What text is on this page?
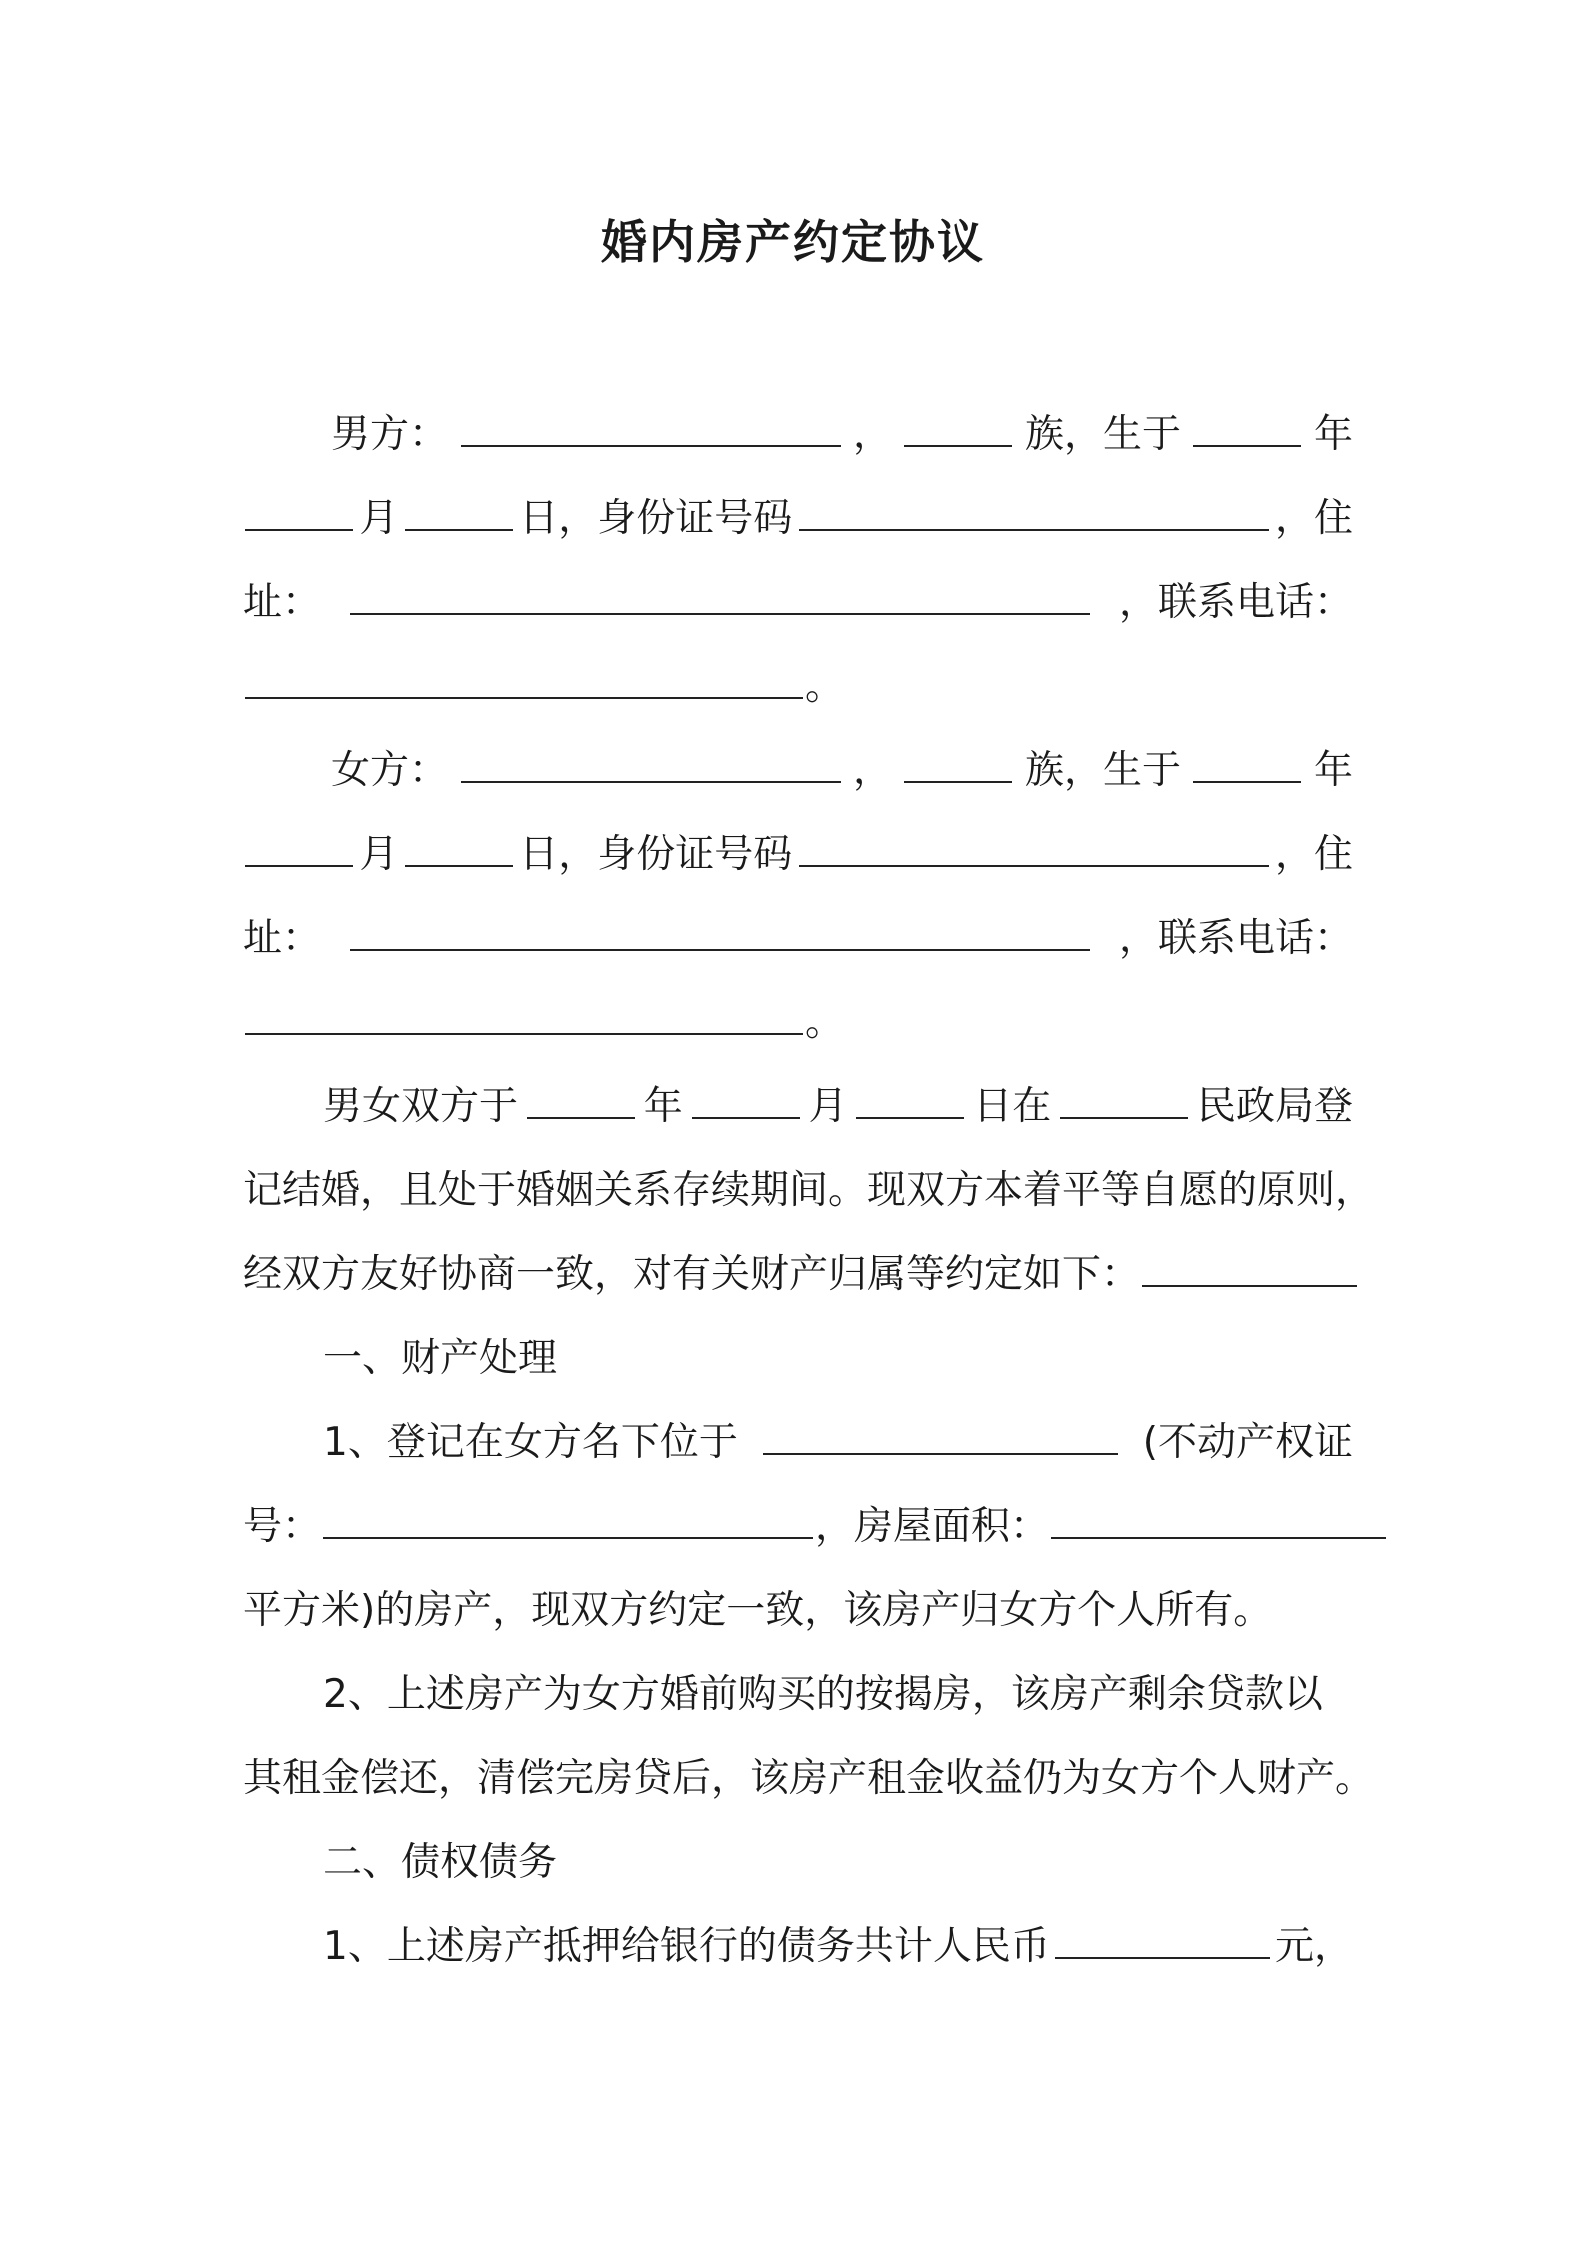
婚内房产约定协议
男方：	，	族，生于	年
月	日，身份证号码	，住
址：	，联系电话：
。
女方：	，	族，生于	年
月	日，身份证号码	，住
址：	，联系电话：
。
男女双方于	年	月	日在	民政局登
记结婚，且处于婚姻关系存续期间。现双方本着平等自愿的原则，
经双方友好协商一致，对有关财产归属等约定如下：
一、财产处理
1、登记在女方名下位于	(不动产权证
号：	，房屋面积：
平方米)的房产，现双方约定一致，该房产归女方个人所有。
2、上述房产为女方婚前购买的按揭房，该房产剩余贷款以
其租金偿还，清偿完房贷后，该房产租金收益仍为女方个人财产。
二、债权债务
1、上述房产抵押给银行的债务共计人民币	元，
